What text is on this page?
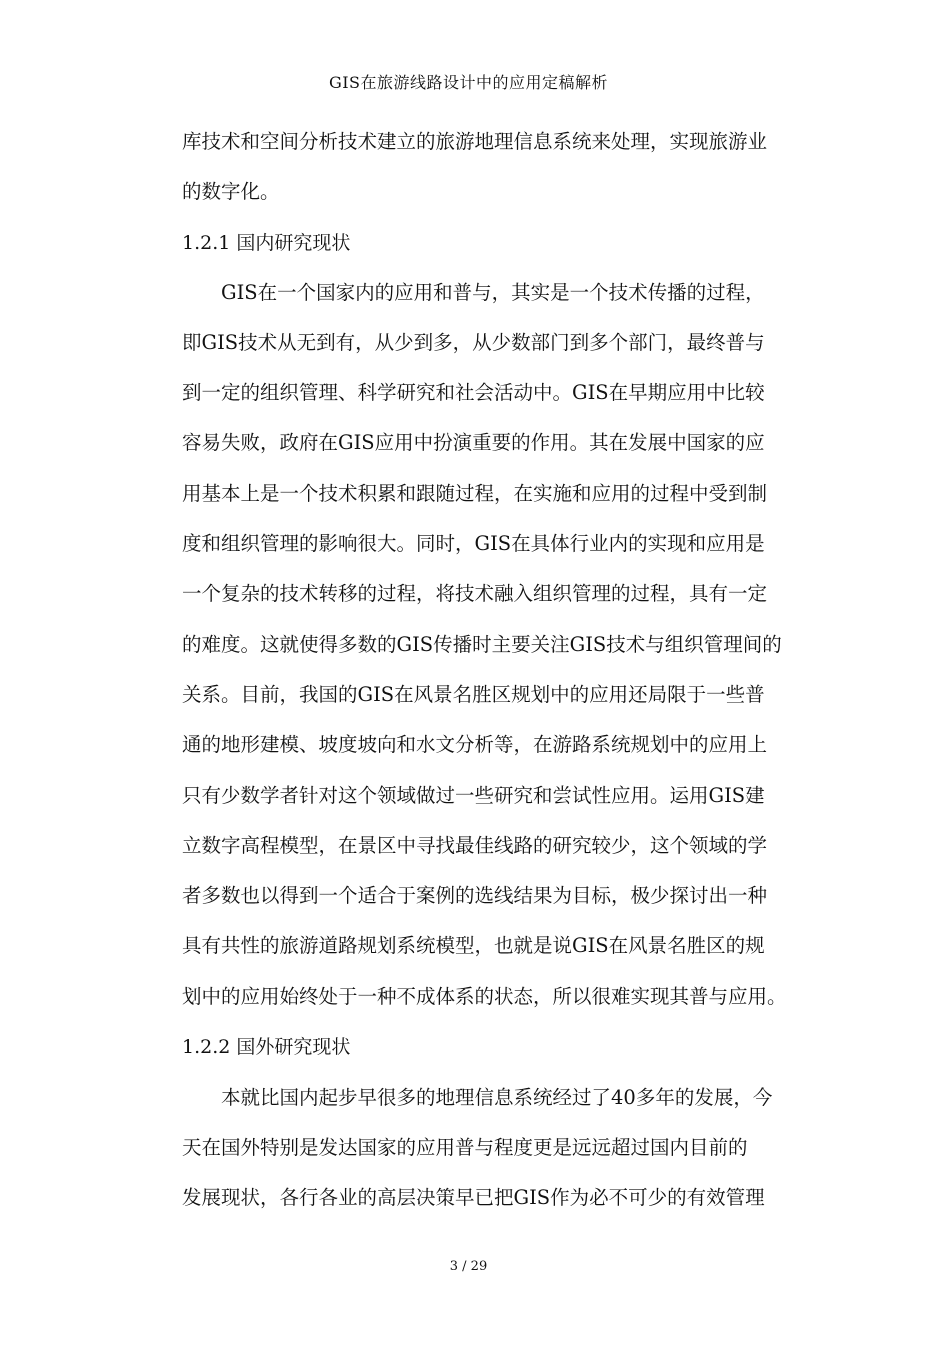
GIS在旅游线路设计中的应用定稿解析
库技术和空间分析技术建立的旅游地理信息系统来处理，实现旅游业
的数字化。
1.2.1 国内研究现状
GIS在一个国家内的应用和普与，其实是一个技术传播的过程，
即GIS技术从无到有，从少到多，从少数部门到多个部门，最终普与
到一定的组织管理、科学研究和社会活动中。GIS在早期应用中比较
容易失败，政府在GIS应用中扮演重要的作用。其在发展中国家的应
用基本上是一个技术积累和跟随过程，在实施和应用的过程中受到制
度和组织管理的影响很大。同时，GIS在具体行业内的实现和应用是
一个复杂的技术转移的过程，将技术融入组织管理的过程，具有一定
的难度。这就使得多数的GIS传播时主要关注GIS技术与组织管理间的
关系。目前，我国的GIS在风景名胜区规划中的应用还局限于一些普
通的地形建模、坡度坡向和水文分析等，在游路系统规划中的应用上
只有少数学者针对这个领域做过一些研究和尝试性应用。运用GIS建
立数字高程模型，在景区中寻找最佳线路的研究较少，这个领域的学
者多数也以得到一个适合于案例的选线结果为目标，极少探讨出一种
具有共性的旅游道路规划系统模型，也就是说GIS在风景名胜区的规
划中的应用始终处于一种不成体系的状态，所以很难实现其普与应用。
1.2.2 国外研究现状
本就比国内起步早很多的地理信息系统经过了40多年的发展，今
天在国外特别是发达国家的应用普与程度更是远远超过国内目前的
发展现状，各行各业的高层决策早已把GIS作为必不可少的有效管理
3 / 29
